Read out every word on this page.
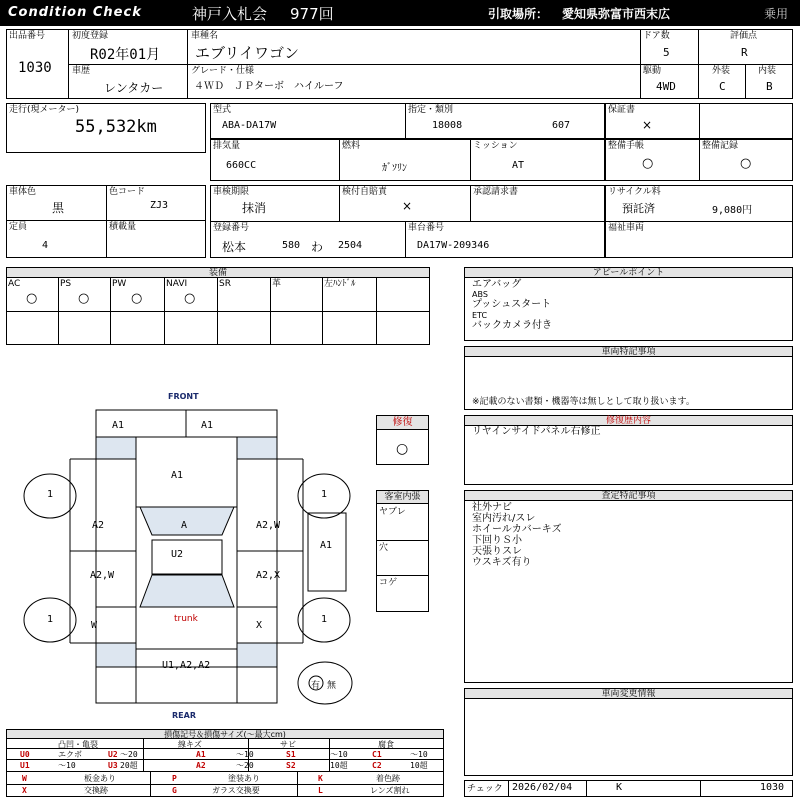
Condition Check	神戸入札会 977回	引取場所： 愛知県弥富市西末広	乗用
出品番号
1030
初度登録
R02年01月
車種名
エブリイワゴン
ドア数
5
評価点
R
車歴
レンタカー
グレード・仕様
４ＷＤ　ＪＰターボ　ハイルーフ
駆動
4WD
外装
C
内装
B
走行(現メーター)
55,532km
型式
ABA-DA17W
指定・類別
18008	607
保証書
×
排気量
660CC
燃料
ｶﾞｿﾘﾝ
ミッション
AT
整備手帳
○
整備記録
○
車体色
黒
色コード
ZJ3
定員
4
積載量
車検期限
抹消
検付自賠責
×
承認請求書
登録番号
松本	580 わ 2504
車台番号
DA17W-209346
リサイクル料
預託済	9,080円
福祉車両
装備
AC
○
PS
○
PW
○
NAVI
○
SR	革	左ﾊﾝﾄﾞﾙ
アピールポイント
エアバッグ
ABS
プッシュスタート
ETC
バックカメラ付き
車両特記事項
※記載のない書類・機器等は無しとして取り扱います。
修復歴内容
リヤインサイドパネル右修正
査定特記事項
社外ナビ
室内汚れ/スレ
ホイールカバーキズ
下回りＳ小
天張りスレ
ウスキズ有り
車両変更情報
チェック 2026/02/04	K	1030
修復
○
客室内張
ヤブレ
穴
コゲ
FRONT
REAR
trunk
A1	A1
A1
A2	A	A2,W
U2
A1
A2,W	A2,X
W	X
U1,A2,A2
1	1
1	1
有 無
損傷記号＆損傷サイズ(〜最大cm)
凸凹・亀裂	線キズ	サビ	腐食
U0	エクボ	U2 〜20	A1	〜10	S1	〜10	C1	〜10
U1	〜10	U3 20超	A2	〜20	S2	10超	C2	10超
W	板金あり	P	塗装あり	K	着色跡
X	交換跡	G	ガラス交換要	L	レンズ割れ
